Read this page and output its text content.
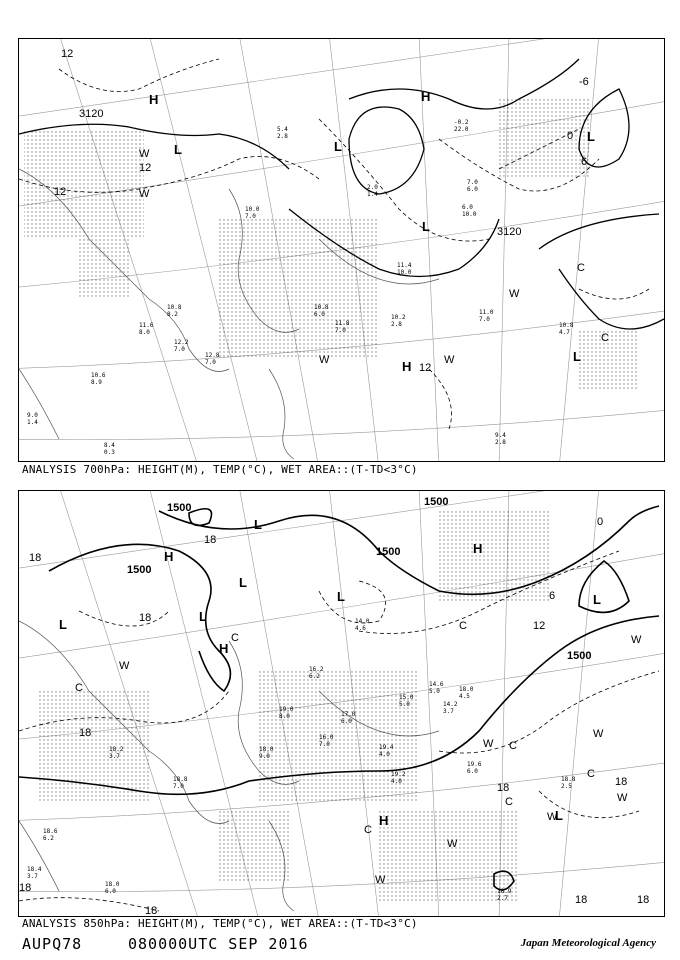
H
H
H
L	L
L
L
L
3120
3120
12
12
12
6
0
-6
12
W
W	W
W
W
C
C
10.6
8.9
11.6
8.0
12.2
7.0
12.8
7.0
10.8
8.2
11.8
7.0
10.8
6.0	11.0
7.0
10.8
4.7
9.4
2.8
8.4
0.3
9.0
1.4
10.2
2.8
7.0
6.0
2.0
1.4
-0.2
22.0
5.4
2.8
10.0
7.0
11.4
10.0
6.0
10.0
ANALYSIS 700hPa: HEIGHT(M), TEMP(°C), WET AREA::(T-TD<3°C)
H
H
H
H
L
L
L
L
L
L
L
1500	1500
1500
1500
1500
18
18
18
18
18
18
18	18
12
6
0
18	18
W
W
W
W
W
W
W
W
C
C
C
C
C
C
C
19.2
4.0
19.6
6.0
18.8
2.5
18.9
2.7
18.6
6.2
18.4
3.7
18.0
6.0
18.2
3.7
18.8
7.0
19.4
4.0
14.6
5.0
17.0
6.0
18.0
4.5
16.2
6.2
14.0
4.6
19.0
8.0
15.0
5.0
18.0
9.0
16.0
7.0
14.2
3.7
ANALYSIS 850hPa: HEIGHT(M), TEMP(°C), WET AREA::(T-TD<3°C)
AUPQ78	080000UTC SEP 2016	Japan Meteorological Agency
